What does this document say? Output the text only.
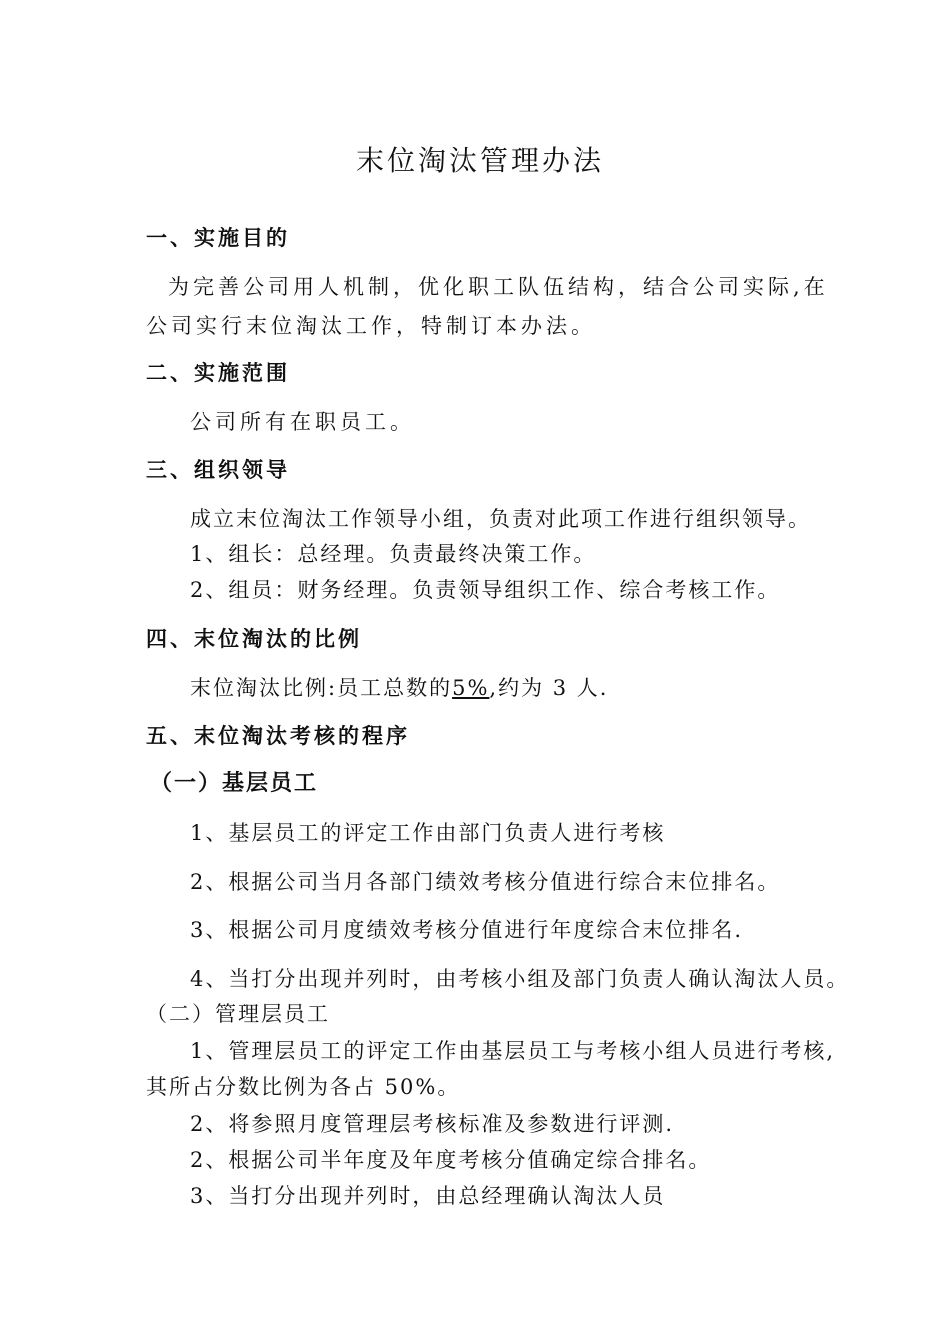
末位淘汰管理办法
一、实施目的
为完善公司用人机制，优化职工队伍结构，结合公司实际,在
公司实行末位淘汰工作，特制订本办法。
二、实施范围
公司所有在职员工。
三、组织领导
成立末位淘汰工作领导小组，负责对此项工作进行组织领导。
1、组长：总经理。负责最终决策工作。
2、组员：财务经理。负责领导组织工作、综合考核工作。
四、末位淘汰的比例
末位淘汰比例:员工总数的5%,约为 3 人.
五、末位淘汰考核的程序
（一）基层员工
1、基层员工的评定工作由部门负责人进行考核
2、根据公司当月各部门绩效考核分值进行综合末位排名。
3、根据公司月度绩效考核分值进行年度综合末位排名.
4、当打分出现并列时，由考核小组及部门负责人确认淘汰人员。
（二）管理层员工
1、管理层员工的评定工作由基层员工与考核小组人员进行考核,
其所占分数比例为各占 50%。
2、将参照月度管理层考核标准及参数进行评测.
2、根据公司半年度及年度考核分值确定综合排名。
3、当打分出现并列时，由总经理确认淘汰人员
